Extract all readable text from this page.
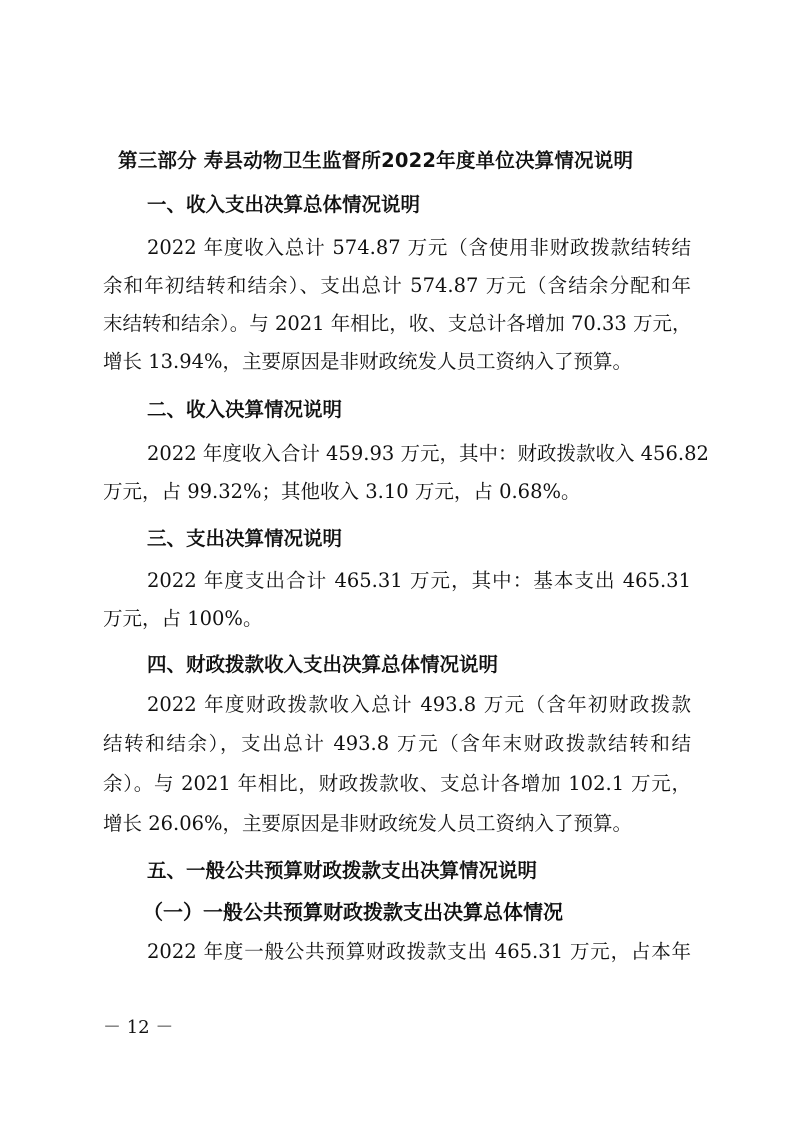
第三部分 寿县动物卫生监督所2022年度单位决算情况说明
一、收入支出决算总体情况说明
2022 年度收入总计 574.87 万元（含使用非财政拨款结转结
余和年初结转和结余）、支出总计 574.87 万元（含结余分配和年
末结转和结余）。与 2021 年相比，收、支总计各增加 70.33 万元，
增长 13.94%，主要原因是非财政统发人员工资纳入了预算。
二、收入决算情况说明
2022 年度收入合计 459.93 万元，其中：财政拨款收入 456.82
万元，占 99.32%；其他收入 3.10 万元，占 0.68%。
三、支出决算情况说明
2022 年度支出合计 465.31 万元，其中：基本支出 465.31
万元，占 100%。
四、财政拨款收入支出决算总体情况说明
2022 年度财政拨款收入总计 493.8 万元（含年初财政拨款
结转和结余），支出总计 493.8 万元（含年末财政拨款结转和结
余）。与 2021 年相比，财政拨款收、支总计各增加 102.1 万元，
增长 26.06%，主要原因是非财政统发人员工资纳入了预算。
五、一般公共预算财政拨款支出决算情况说明
（一）一般公共预算财政拨款支出决算总体情况
2022 年度一般公共预算财政拨款支出 465.31 万元，占本年
－ 12 －
